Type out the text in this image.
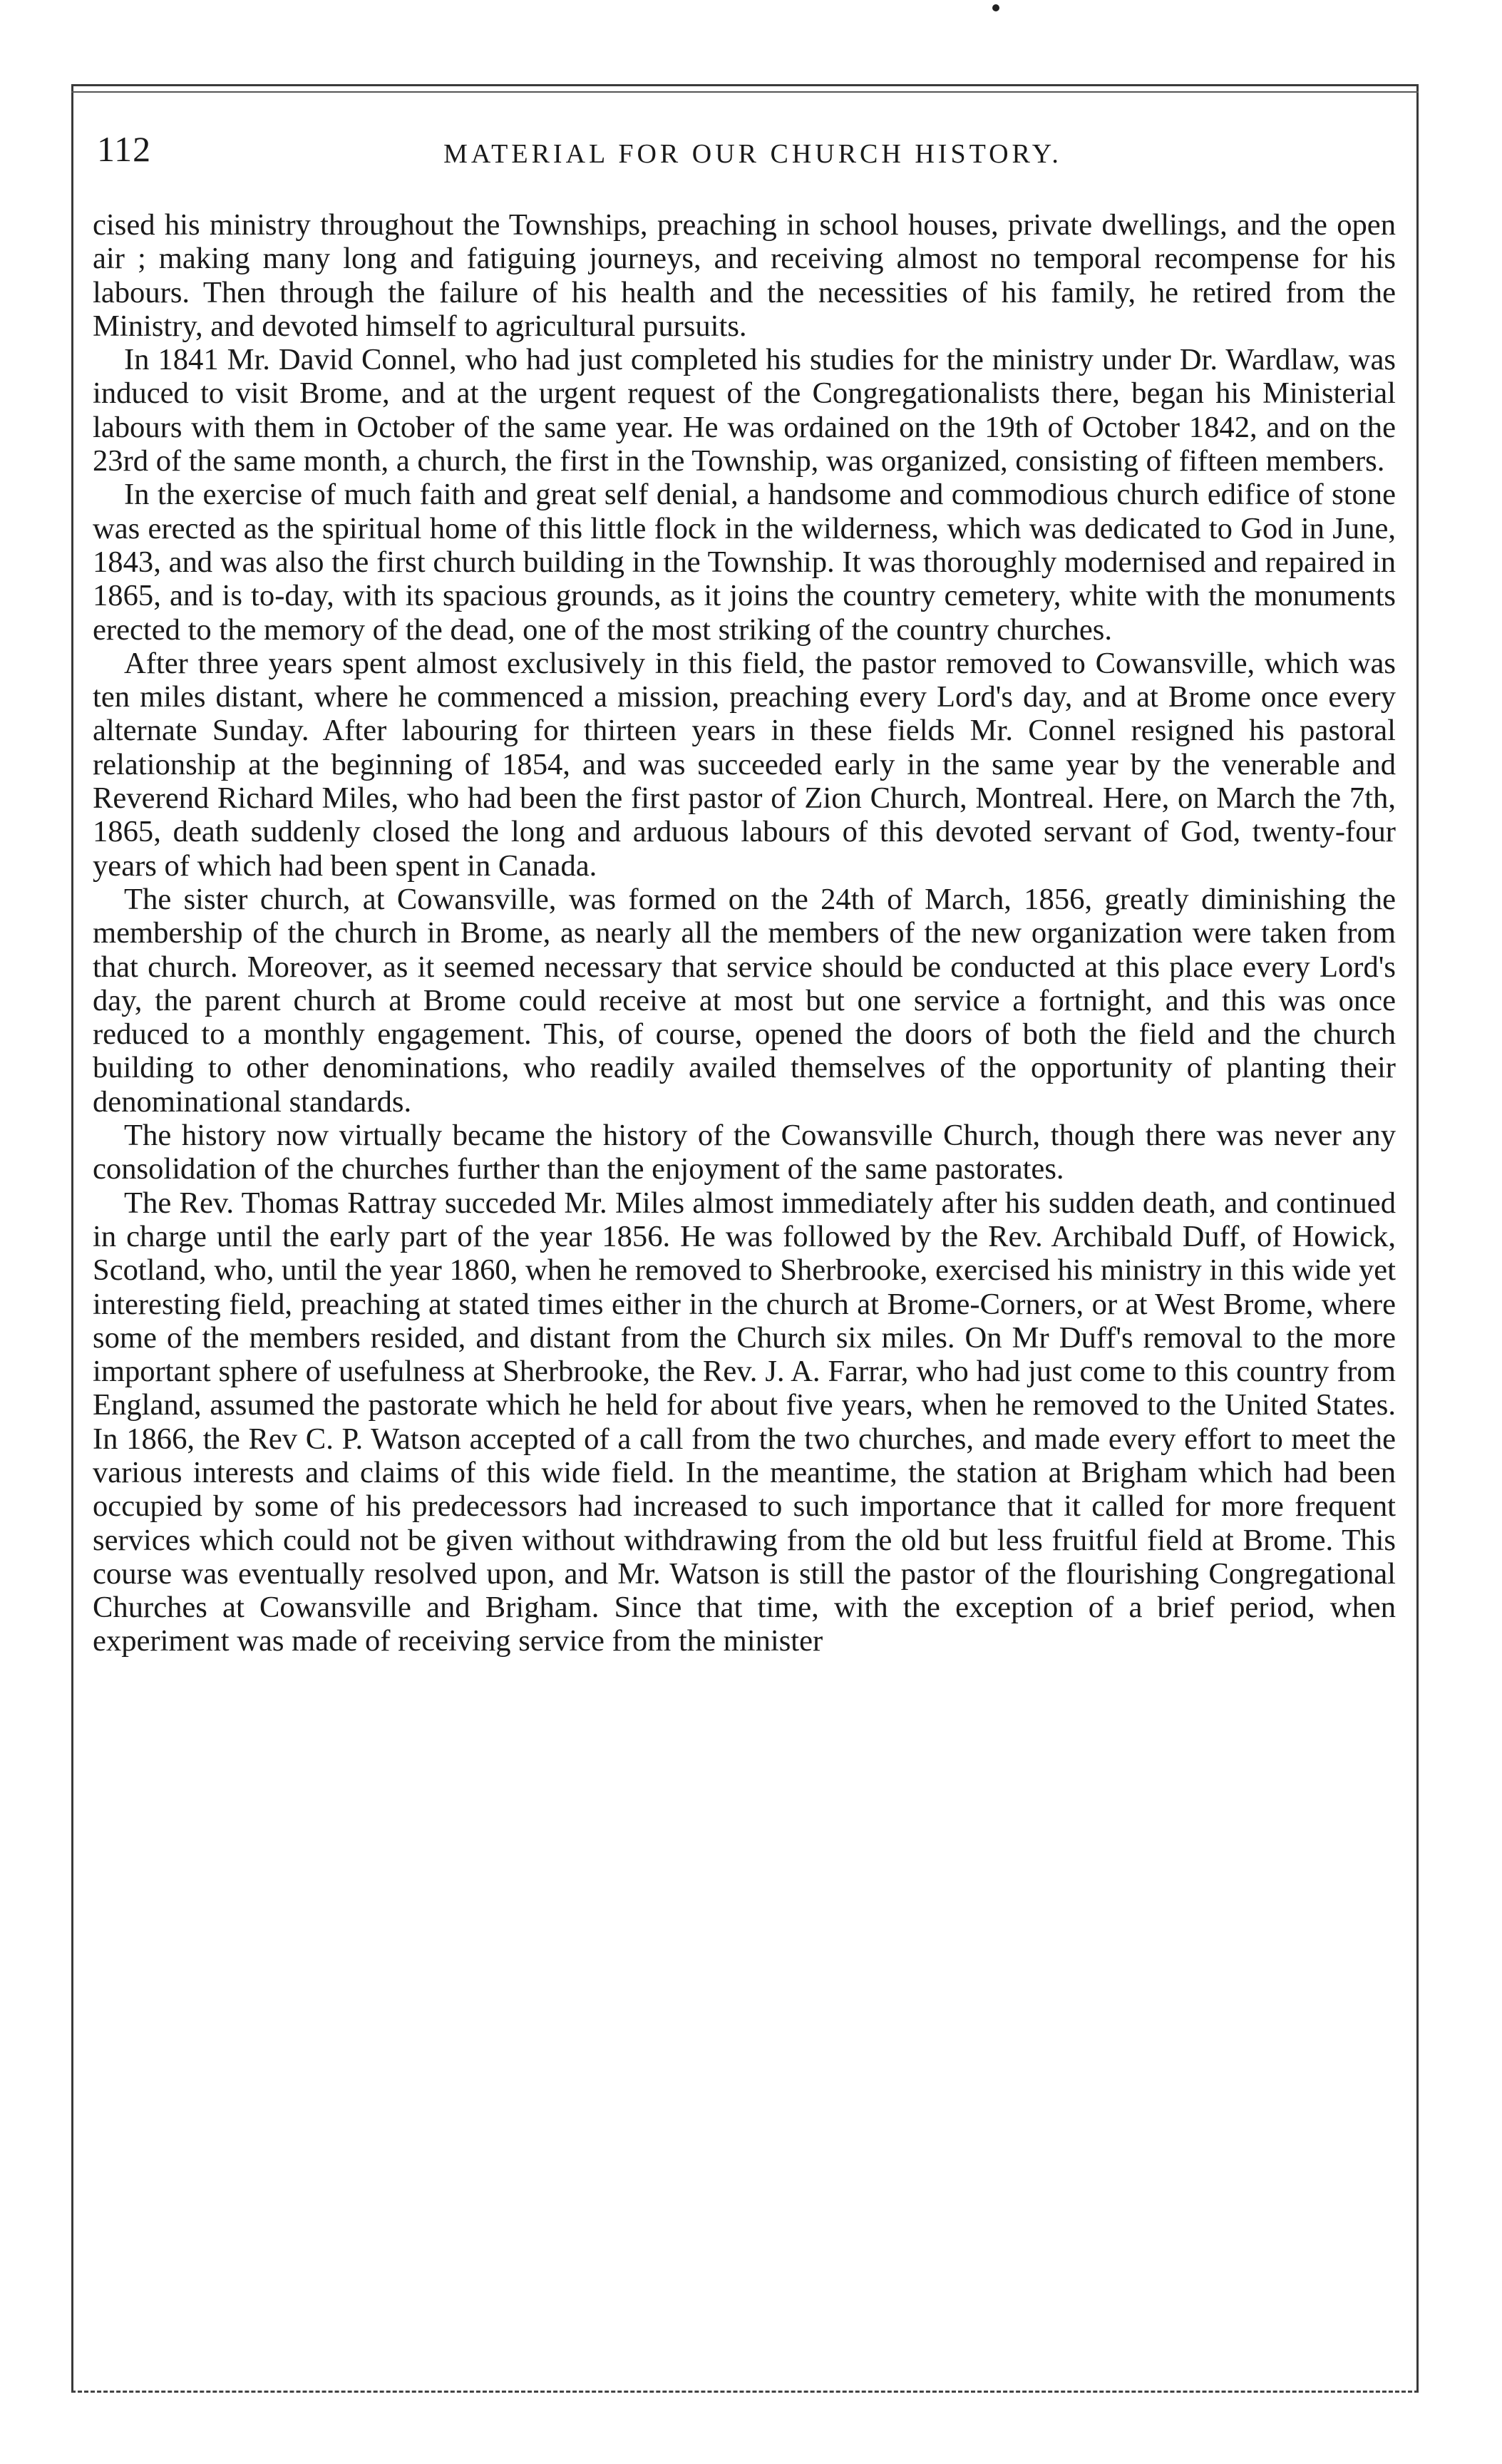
112	MATERIAL FOR OUR CHURCH HISTORY.

cised his ministry throughout the Townships, preaching in school houses, private dwellings, and the open air ; making many long and fatiguing journeys, and receiving almost no temporal recompense for his labours. Then through the failure of his health and the necessities of his family, he retired from the Ministry, and devoted himself to agricultural pursuits.

In 1841 Mr. David Connel, who had just completed his studies for the ministry under Dr. Wardlaw, was induced to visit Brome, and at the urgent request of the Congregationalists there, began his Ministerial labours with them in October of the same year. He was ordained on the 19th of October 1842, and on the 23rd of the same month, a church, the first in the Township, was organized, consisting of fifteen members.

In the exercise of much faith and great self denial, a handsome and commodious church edifice of stone was erected as the spiritual home of this little flock in the wilderness, which was dedicated to God in June, 1843, and was also the first church building in the Township. It was thoroughly modernised and repaired in 1865, and is to-day, with its spacious grounds, as it joins the country cemetery, white with the monuments erected to the memory of the dead, one of the most striking of the country churches.

After three years spent almost exclusively in this field, the pastor removed to Cowansville, which was ten miles distant, where he commenced a mission, preaching every Lord's day, and at Brome once every alternate Sunday. After labouring for thirteen years in these fields Mr. Connel resigned his pastoral relationship at the beginning of 1854, and was succeeded early in the same year by the venerable and Reverend Richard Miles, who had been the first pastor of Zion Church, Montreal. Here, on March the 7th, 1865, death suddenly closed the long and arduous labours of this devoted servant of God, twenty-four years of which had been spent in Canada.

The sister church, at Cowansville, was formed on the 24th of March, 1856, greatly diminishing the membership of the church in Brome, as nearly all the members of the new organization were taken from that church. Moreover, as it seemed necessary that service should be conducted at this place every Lord's day, the parent church at Brome could receive at most but one service a fortnight, and this was once reduced to a monthly engagement. This, of course, opened the doors of both the field and the church building to other denominations, who readily availed themselves of the opportunity of planting their denominational standards.

The history now virtually became the history of the Cowansville Church, though there was never any consolidation of the churches further than the enjoyment of the same pastorates.

The Rev. Thomas Rattray succeded Mr. Miles almost immediately after his sudden death, and continued in charge until the early part of the year 1856. He was followed by the Rev. Archibald Duff, of Howick, Scotland, who, until the year 1860, when he removed to Sherbrooke, exercised his ministry in this wide yet interesting field, preaching at stated times either in the church at Brome-Corners, or at West Brome, where some of the members resided, and distant from the Church six miles. On Mr Duff's removal to the more important sphere of usefulness at Sherbrooke, the Rev. J. A. Farrar, who had just come to this country from England, assumed the pastorate which he held for about five years, when he removed to the United States. In 1866, the Rev C. P. Watson accepted of a call from the two churches, and made every effort to meet the various interests and claims of this wide field. In the meantime, the station at Brigham which had been occupied by some of his predecessors had increased to such importance that it called for more frequent services which could not be given without withdrawing from the old but less fruitful field at Brome. This course was eventually resolved upon, and Mr. Watson is still the pastor of the flourishing Congregational Churches at Cowansville and Brigham. Since that time, with the exception of a brief period, when experiment was made of receiving service from the minister
